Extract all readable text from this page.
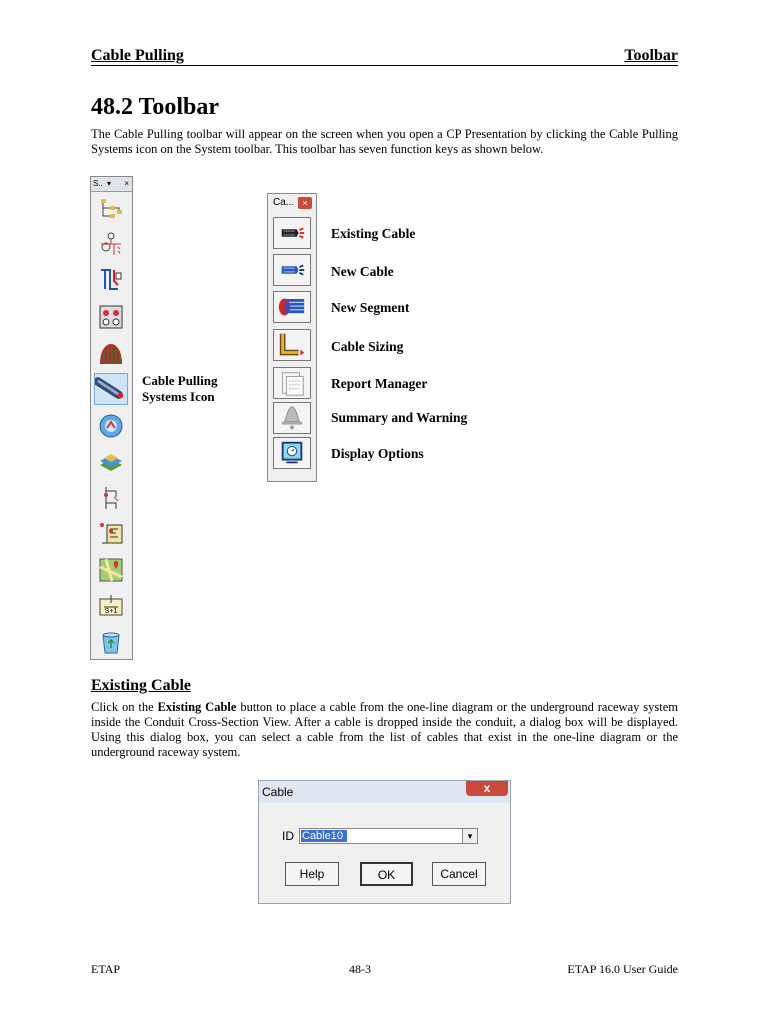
Cable Pulling	Toolbar
48.2 Toolbar

The Cable Pulling toolbar will appear on the screen when you open a CP Presentation by clicking the Cable Pulling Systems icon on the System toolbar. This toolbar has seven function keys as shown below.

S.. ▾ ×
S+1
Cable Pulling
Systems Icon
Ca... ×
Existing Cable
New Cable
New Segment
Cable Sizing
Report Manager
Summary and Warning
Display Options
Existing Cable

Click on the Existing Cable button to place a cable from the one-line diagram or the underground raceway system inside the Conduit Cross-Section View. After a cable is dropped inside the conduit, a dialog box will be displayed. Using this dialog box, you can select a cable from the list of cables that exist in the one-line diagram or the underground raceway system.

Cable	x
ID Cable10	▾
Help	OK	Cancel
ETAP	48-3	ETAP 16.0 User Guide
